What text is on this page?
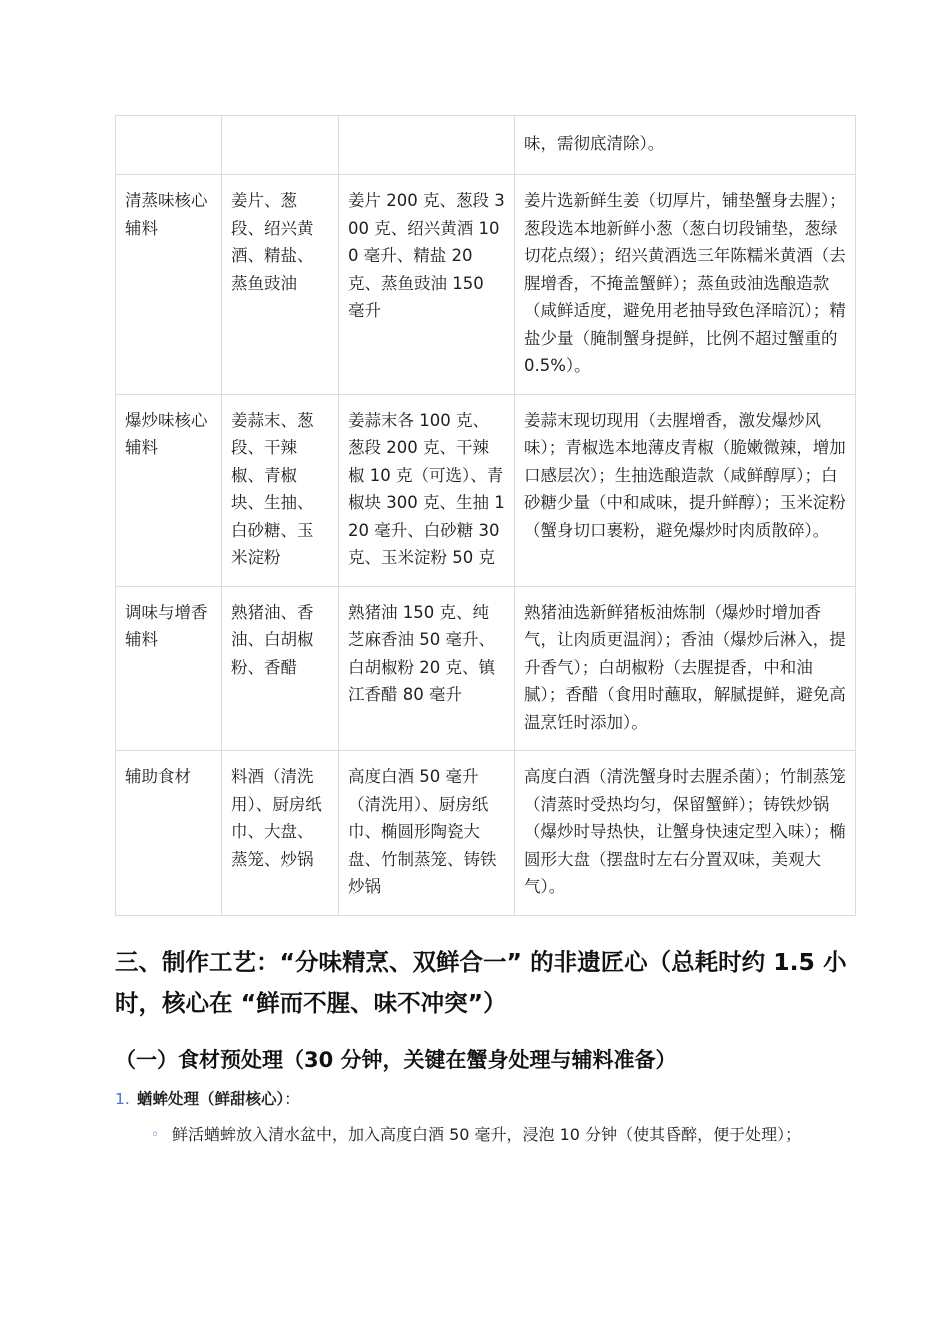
			味，需彻底清除）。
清蒸味核心辅料	姜片、葱段、绍兴黄酒、精盐、蒸鱼豉油	姜片 200 克、葱段 300 克、绍兴黄酒 100 毫升、精盐 20 克、蒸鱼豉油 150 毫升	姜片选新鲜生姜（切厚片，铺垫蟹身去腥）；葱段选本地新鲜小葱（葱白切段铺垫，葱绿切花点缀）；绍兴黄酒选三年陈糯米黄酒（去腥增香，不掩盖蟹鲜）；蒸鱼豉油选酿造款（咸鲜适度，避免用老抽导致色泽暗沉）；精盐少量（腌制蟹身提鲜，比例不超过蟹重的 0.5%）。
爆炒味核心辅料	姜蒜末、葱段、干辣椒、青椒块、生抽、白砂糖、玉米淀粉	姜蒜末各 100 克、葱段 200 克、干辣椒 10 克（可选）、青椒块 300 克、生抽 120 毫升、白砂糖 30 克、玉米淀粉 50 克	姜蒜末现切现用（去腥增香，激发爆炒风味）；青椒选本地薄皮青椒（脆嫩微辣，增加口感层次）；生抽选酿造款（咸鲜醇厚）；白砂糖少量（中和咸味，提升鲜醇）；玉米淀粉（蟹身切口裹粉，避免爆炒时肉质散碎）。
调味与增香辅料	熟猪油、香油、白胡椒粉、香醋	熟猪油 150 克、纯芝麻香油 50 毫升、白胡椒粉 20 克、镇江香醋 80 毫升	熟猪油选新鲜猪板油炼制（爆炒时增加香气，让肉质更温润）；香油（爆炒后淋入，提升香气）；白胡椒粉（去腥提香，中和油腻）；香醋（食用时蘸取，解腻提鲜，避免高温烹饪时添加）。
辅助食材	料酒（清洗用）、厨房纸巾、大盘、蒸笼、炒锅	高度白酒 50 毫升（清洗用）、厨房纸巾、椭圆形陶瓷大盘、竹制蒸笼、铸铁炒锅	高度白酒（清洗蟹身时去腥杀菌）；竹制蒸笼（清蒸时受热均匀，保留蟹鲜）；铸铁炒锅（爆炒时导热快，让蟹身快速定型入味）；椭圆形大盘（摆盘时左右分置双味，美观大气）。
三、制作工艺：“分味精烹、双鲜合一” 的非遗匠心（总耗时约 1.5 小时，核心在 “鲜而不腥、味不冲突”）
（一）食材预处理（30 分钟，关键在蟹身处理与辅料准备）
1. 蝤蛑处理（鲜甜核心）：
◦ 鲜活蝤蛑放入清水盆中，加入高度白酒 50 毫升，浸泡 10 分钟（使其昏醉，便于处理）；
